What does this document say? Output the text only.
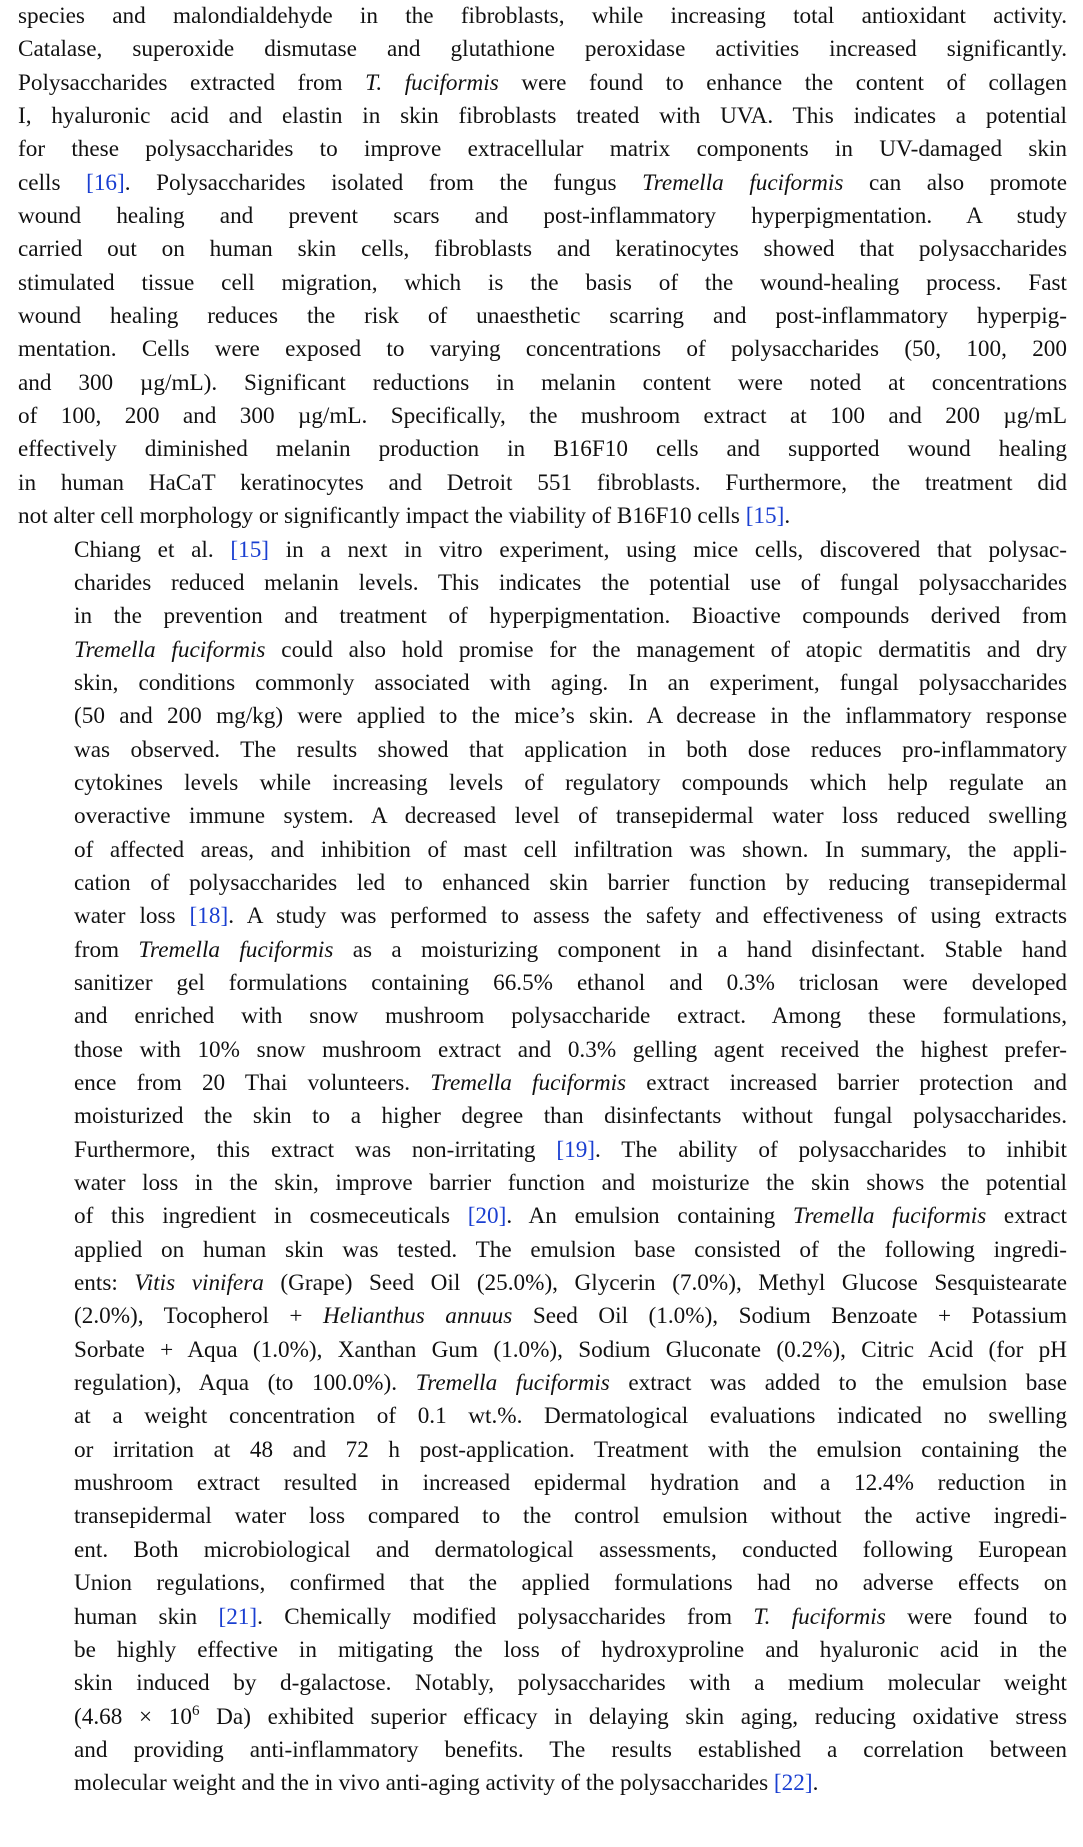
species and malondialdehyde in the fibroblasts, while increasing total antioxidant activity.
Catalase, superoxide dismutase and glutathione peroxidase activities increased significantly.
Polysaccharides extracted from T. fuciformis were found to enhance the content of collagen
I, hyaluronic acid and elastin in skin fibroblasts treated with UVA. This indicates a potential
for these polysaccharides to improve extracellular matrix components in UV-damaged skin
cells [16]. Polysaccharides isolated from the fungus Tremella fuciformis can also promote
wound healing and prevent scars and post-inflammatory hyperpigmentation. A study
carried out on human skin cells, fibroblasts and keratinocytes showed that polysaccharides
stimulated tissue cell migration, which is the basis of the wound-healing process. Fast
wound healing reduces the risk of unaesthetic scarring and post-inflammatory hyperpig-
mentation. Cells were exposed to varying concentrations of polysaccharides (50, 100, 200
and 300 µg/mL). Significant reductions in melanin content were noted at concentrations
of 100, 200 and 300 µg/mL. Specifically, the mushroom extract at 100 and 200 µg/mL
effectively diminished melanin production in B16F10 cells and supported wound healing
in human HaCaT keratinocytes and Detroit 551 fibroblasts. Furthermore, the treatment did
not alter cell morphology or significantly impact the viability of B16F10 cells [15].

Chiang et al. [15] in a next in vitro experiment, using mice cells, discovered that polysac-
charides reduced melanin levels. This indicates the potential use of fungal polysaccharides
in the prevention and treatment of hyperpigmentation. Bioactive compounds derived from
Tremella fuciformis could also hold promise for the management of atopic dermatitis and dry
skin, conditions commonly associated with aging. In an experiment, fungal polysaccharides
(50 and 200 mg/kg) were applied to the mice’s skin. A decrease in the inflammatory response
was observed. The results showed that application in both dose reduces pro-inflammatory
cytokines levels while increasing levels of regulatory compounds which help regulate an
overactive immune system. A decreased level of transepidermal water loss reduced swelling
of affected areas, and inhibition of mast cell infiltration was shown. In summary, the appli-
cation of polysaccharides led to enhanced skin barrier function by reducing transepidermal
water loss [18]. A study was performed to assess the safety and effectiveness of using extracts
from Tremella fuciformis as a moisturizing component in a hand disinfectant. Stable hand
sanitizer gel formulations containing 66.5% ethanol and 0.3% triclosan were developed
and enriched with snow mushroom polysaccharide extract. Among these formulations,
those with 10% snow mushroom extract and 0.3% gelling agent received the highest prefer-
ence from 20 Thai volunteers. Tremella fuciformis extract increased barrier protection and
moisturized the skin to a higher degree than disinfectants without fungal polysaccharides.
Furthermore, this extract was non-irritating [19]. The ability of polysaccharides to inhibit
water loss in the skin, improve barrier function and moisturize the skin shows the potential
of this ingredient in cosmeceuticals [20]. An emulsion containing Tremella fuciformis extract
applied on human skin was tested. The emulsion base consisted of the following ingredi-
ents: Vitis vinifera (Grape) Seed Oil (25.0%), Glycerin (7.0%), Methyl Glucose Sesquistearate
(2.0%), Tocopherol + Helianthus annuus Seed Oil (1.0%), Sodium Benzoate + Potassium
Sorbate + Aqua (1.0%), Xanthan Gum (1.0%), Sodium Gluconate (0.2%), Citric Acid (for pH
regulation), Aqua (to 100.0%). Tremella fuciformis extract was added to the emulsion base
at a weight concentration of 0.1 wt.%. Dermatological evaluations indicated no swelling
or irritation at 48 and 72 h post-application. Treatment with the emulsion containing the
mushroom extract resulted in increased epidermal hydration and a 12.4% reduction in
transepidermal water loss compared to the control emulsion without the active ingredi-
ent. Both microbiological and dermatological assessments, conducted following European
Union regulations, confirmed that the applied formulations had no adverse effects on
human skin [21]. Chemically modified polysaccharides from T. fuciformis were found to
be highly effective in mitigating the loss of hydroxyproline and hyaluronic acid in the
skin induced by d-galactose. Notably, polysaccharides with a medium molecular weight
($4.68 \times 10^6$ Da) exhibited superior efficacy in delaying skin aging, reducing oxidative stress
and providing anti-inflammatory benefits. The results established a correlation between
molecular weight and the in vivo anti-aging activity of the polysaccharides [22].
